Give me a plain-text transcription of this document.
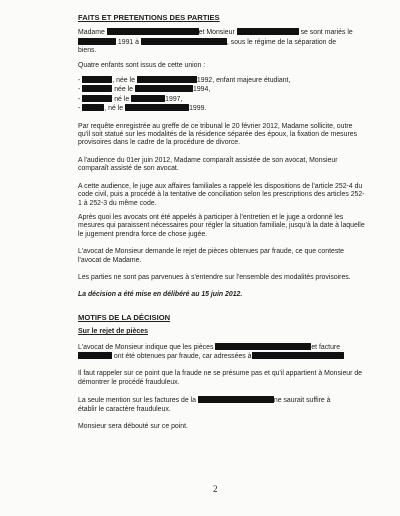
FAITS ET PRETENTIONS DES PARTIES
Madame	et Monsieur	se sont mariés le
1991 à	, sous le régime de la séparation de
biens.
Quatre enfants sont issus de cette union :
-	, née le	1992, enfant majeure étudiant,
-	née le	1994,
-	né le	1997,
-	, né le	1999.
Par requête enregistrée au greffe de ce tribunal le 20 février 2012, Madame sollicite, outre qu'il soit statué sur les modalités de la résidence séparée des époux, la fixation de mesures provisoires dans le cadre de la procédure de divorce.
A l'audience du 01er juin 2012, Madame comparaît assistée de son avocat, Monsieur comparaît assisté de son avocat.
A cette audience, le juge aux affaires familiales a rappelé les dispositions de l'article 252-4 du code civil, puis a procédé à la tentative de conciliation selon les prescriptions des articles 252-1 à 252-3 du même code.
Après quoi les avocats ont été appelés à participer à l'entretien et le juge a ordonné les mesures qui paraissent nécessaires pour régler la situation familiale, jusqu'à la date à laquelle le jugement prendra force de chose jugée.
L'avocat de Monsieur demande le rejet de pièces obtenues par fraude, ce que conteste l'avocat de Madame.
Les parties ne sont pas parvenues à s'entendre sur l'ensemble des modalités provisoires.
La décision a été mise en délibéré au 15 juin 2012.
MOTIFS DE LA DÉCISION
Sur le rejet de pièces
L'avocat de Monsieur indique que les pièces	et facture
ont été obtenues par fraude, car adressées à
Il faut rappeler sur ce point que la fraude ne se présume pas et qu'il appartient à Monsieur de démontrer le procédé frauduleux.
La seule mention sur les factures de la	ne saurait suffire à
établir le caractère frauduleux.
Monsieur sera débouté sur ce point.
2
